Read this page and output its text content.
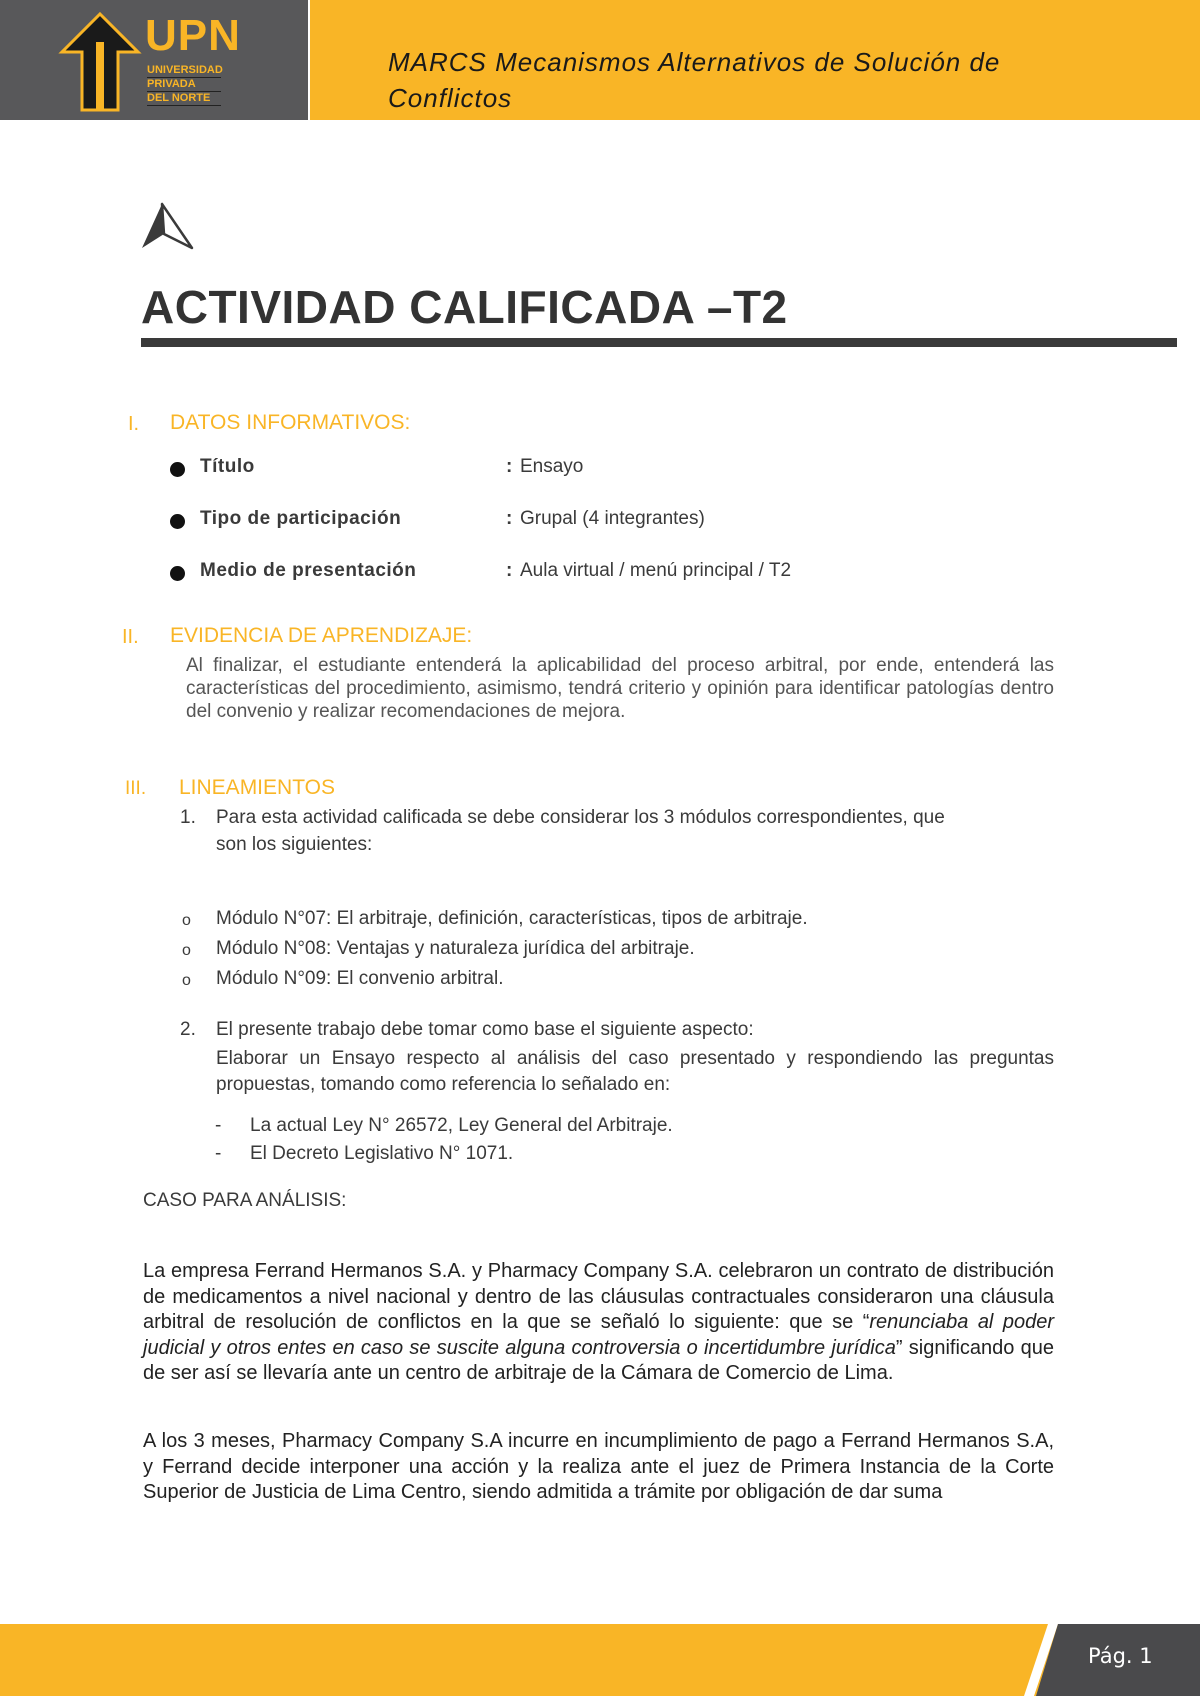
UPN
UNIVERSIDAD
PRIVADA
DEL NORTE
MARCS Mecanismos Alternativos de Solución de Conflictos
ACTIVIDAD CALIFICADA –T2
I. DATOS INFORMATIVOS:
Título	: Ensayo
Tipo de participación	: Grupal (4 integrantes)
Medio de presentación	: Aula virtual / menú principal / T2
II. EVIDENCIA DE APRENDIZAJE:
Al finalizar, el estudiante entenderá la aplicabilidad del proceso arbitral, por ende, entenderá las características del procedimiento, asimismo, tendrá criterio y opinión para identificar patologías dentro del convenio y realizar recomendaciones de mejora.
III. LINEAMIENTOS
1. Para esta actividad calificada se debe considerar los 3 módulos correspondientes, que
son los siguientes:
o Módulo N°07: El arbitraje, definición, características, tipos de arbitraje.
o Módulo N°08: Ventajas y naturaleza jurídica del arbitraje.
o Módulo N°09: El convenio arbitral.
2. El presente trabajo debe tomar como base el siguiente aspecto:
Elaborar un Ensayo respecto al análisis del caso presentado y respondiendo las preguntas propuestas, tomando como referencia lo señalado en:
- La actual Ley N° 26572, Ley General del Arbitraje.
- El Decreto Legislativo N° 1071.
CASO PARA ANÁLISIS:
La empresa Ferrand Hermanos S.A. y Pharmacy Company S.A. celebraron un contrato de distribución de medicamentos a nivel nacional y dentro de las cláusulas contractuales consideraron una cláusula arbitral de resolución de conflictos en la que se señaló lo siguiente: que se “renunciaba al poder judicial y otros entes en caso se suscite alguna controversia o incertidumbre jurídica” significando que de ser así se llevaría ante un centro de arbitraje de la Cámara de Comercio de Lima.
A los 3 meses, Pharmacy Company S.A incurre en incumplimiento de pago a Ferrand Hermanos S.A, y Ferrand decide interponer una acción y la realiza ante el juez de Primera Instancia de la Corte Superior de Justicia de Lima Centro, siendo admitida a trámite por obligación de dar suma
Pág. 1
